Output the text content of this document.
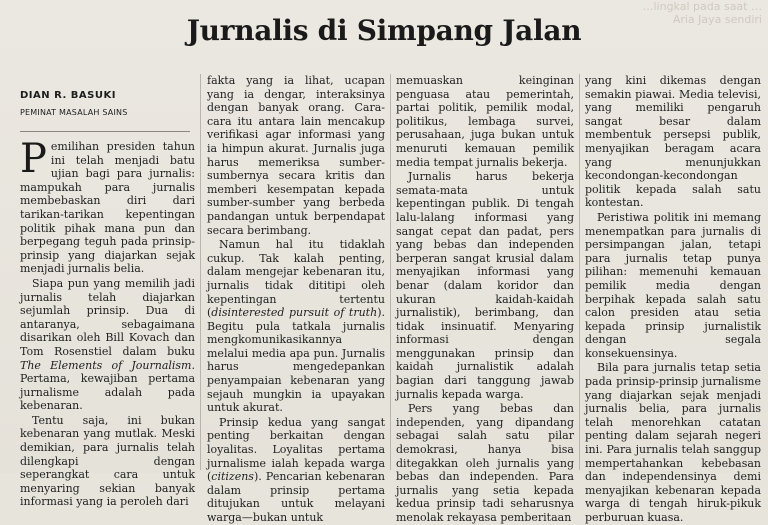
…lingkal pada saat …
Aria Jaya sendiri
Jurnalis di Simpang Jalan
DIAN R. BASUKI
PEMINAT MASALAH SAINS

Pemilihan presiden tahun ini telah menjadi batu ujian bagi para jurnalis: mampukah para jurnalis membebaskan diri dari tarikan-tarikan kepentingan politik pihak mana pun dan berpegang teguh pada prinsip-prinsip yang diajarkan sejak menjadi jurnalis belia.

Siapa pun yang memilih jadi jurnalis telah diajarkan sejumlah prinsip. Dua di antaranya, sebagaimana disarikan oleh Bill Kovach dan Tom Rosenstiel dalam buku The Elements of Journalism. Pertama, kewajiban pertama jurnalisme adalah pada kebenaran.

Tentu saja, ini bukan kebenaran yang mutlak. Meski demikian, para jurnalis telah dilengkapi dengan seperangkat cara untuk menyaring sekian banyak informasi yang ia peroleh dari

fakta yang ia lihat, ucapan yang ia dengar, interaksinya dengan banyak orang. Cara-cara itu antara lain mencakup verifikasi agar informasi yang ia himpun akurat. Jurnalis juga harus memeriksa sumber-sumbernya secara kritis dan memberi kesempatan kepada sumber-sumber yang berbeda pandangan untuk berpendapat secara berimbang.

Namun hal itu tidaklah cukup. Tak kalah penting, dalam mengejar kebenaran itu, jurnalis tidak dititipi oleh kepentingan tertentu (disinterested pursuit of truth). Begitu pula tatkala jurnalis mengkomunikasikannya melalui media apa pun. Jurnalis harus mengedepankan penyampaian kebenaran yang sejauh mungkin ia upayakan untuk akurat.

Prinsip kedua yang sangat penting berkaitan dengan loyalitas. Loyalitas pertama jurnalisme ialah kepada warga (citizens). Pencarian kebenaran dalam prinsip pertama ditujukan untuk melayani warga—bukan untuk

memuaskan keinginan penguasa atau pemerintah, partai politik, pemilik modal, politikus, lembaga survei, perusahaan, juga bukan untuk menuruti kemauan pemilik media tempat jurnalis bekerja.

Jurnalis harus bekerja semata-mata untuk kepentingan publik. Di tengah lalu-lalang informasi yang sangat cepat dan padat, pers yang bebas dan independen berperan sangat krusial dalam menyajikan informasi yang benar (dalam koridor dan ukuran kaidah-kaidah jurnalistik), berimbang, dan tidak insinuatif. Menyaring informasi dengan menggunakan prinsip dan kaidah jurnalistik adalah bagian dari tanggung jawab jurnalis kepada warga.

Pers yang bebas dan independen, yang dipandang sebagai salah satu pilar demokrasi, hanya bisa ditegakkan oleh jurnalis yang bebas dan independen. Para jurnalis yang setia kepada kedua prinsip tadi seharusnya menolak rekayasa pemberitaan

yang kini dikemas dengan semakin piawai. Media televisi, yang memiliki pengaruh sangat besar dalam membentuk persepsi publik, menyajikan beragam acara yang menunjukkan kecondongan-kecondongan politik kepada salah satu kontestan.

Peristiwa politik ini memang menempatkan para jurnalis di persimpangan jalan, tetapi para jurnalis tetap punya pilihan: memenuhi kemauan pemilik media dengan berpihak kepada salah satu calon presiden atau setia kepada prinsip jurnalistik dengan segala konsekuensinya.

Bila para jurnalis tetap setia pada prinsip-prinsip jurnalisme yang diajarkan sejak menjadi jurnalis belia, para jurnalis telah menorehkan catatan penting dalam sejarah negeri ini. Para jurnalis telah sanggup mempertahankan kebebasan dan independensinya demi menyajikan kebenaran kepada warga di tengah hiruk-pikuk perburuan kuasa.
